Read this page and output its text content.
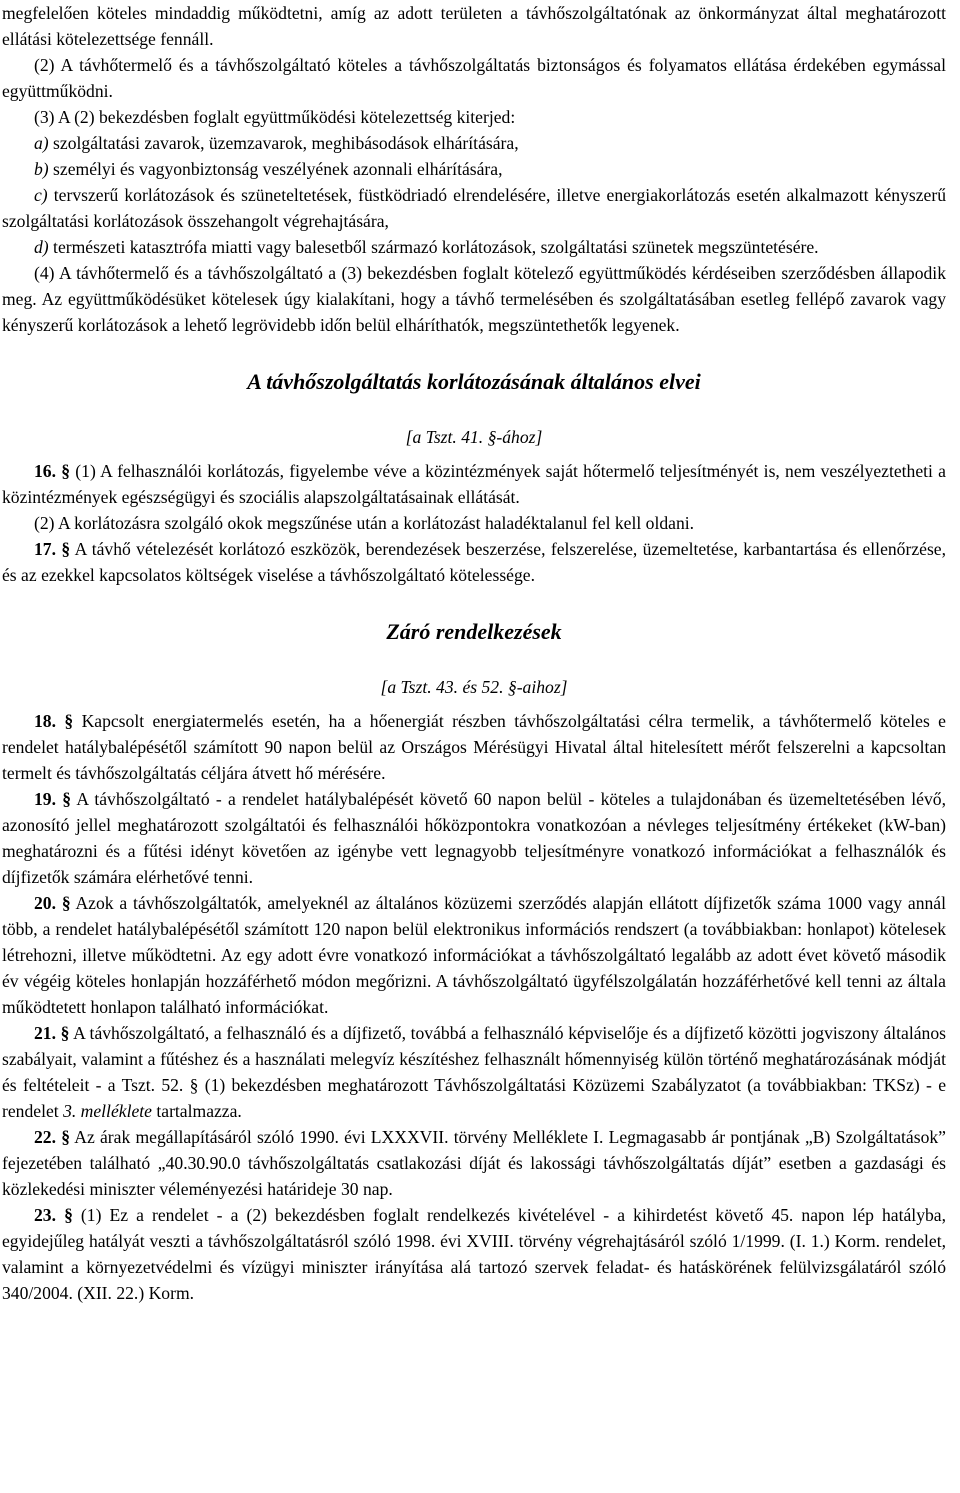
megfelelően köteles mindaddig működtetni, amíg az adott területen a távhőszolgáltatónak az önkormányzat által meghatározott ellátási kötelezettsége fennáll.

(2) A távhőtermelő és a távhőszolgáltató köteles a távhőszolgáltatás biztonságos és folyamatos ellátása érdekében egymással együttműködni.

(3) A (2) bekezdésben foglalt együttműködési kötelezettség kiterjed:

a) szolgáltatási zavarok, üzemzavarok, meghibásodások elhárítására,

b) személyi és vagyonbiztonság veszélyének azonnali elhárítására,

c) tervszerű korlátozások és szüneteltetések, füstködriadó elrendelésére, illetve energiakorlátozás esetén alkalmazott kényszerű szolgáltatási korlátozások összehangolt végrehajtására,

d) természeti katasztrófa miatti vagy balesetből származó korlátozások, szolgáltatási szünetek megszüntetésére.

(4) A távhőtermelő és a távhőszolgáltató a (3) bekezdésben foglalt kötelező együttműködés kérdéseiben szerződésben állapodik meg. Az együttműködésüket kötelesek úgy kialakítani, hogy a távhő termelésében és szolgáltatásában esetleg fellépő zavarok vagy kényszerű korlátozások a lehető legrövidebb időn belül elháríthatók, megszüntethetők legyenek.

A távhőszolgáltatás korlátozásának általános elvei

[a Tszt. 41. §-ához]

16. § (1) A felhasználói korlátozás, figyelembe véve a közintézmények saját hőtermelő teljesítményét is, nem veszélyeztetheti a közintézmények egészségügyi és szociális alapszolgáltatásainak ellátását.

(2) A korlátozásra szolgáló okok megszűnése után a korlátozást haladéktalanul fel kell oldani.

17. § A távhő vételezését korlátozó eszközök, berendezések beszerzése, felszerelése, üzemeltetése, karbantartása és ellenőrzése, és az ezekkel kapcsolatos költségek viselése a távhőszolgáltató kötelessége.

Záró rendelkezések

[a Tszt. 43. és 52. §-aihoz]

18. § Kapcsolt energiatermelés esetén, ha a hőenergiát részben távhőszolgáltatási célra termelik, a távhőtermelő köteles e rendelet hatálybalépésétől számított 90 napon belül az Országos Mérésügyi Hivatal által hitelesített mérőt felszerelni a kapcsoltan termelt és távhőszolgáltatás céljára átvett hő mérésére.

19. § A távhőszolgáltató - a rendelet hatálybalépését követő 60 napon belül - köteles a tulajdonában és üzemeltetésében lévő, azonosító jellel meghatározott szolgáltatói és felhasználói hőközpontokra vonatkozóan a névleges teljesítmény értékeket (kW-ban) meghatározni és a fűtési idényt követően az igénybe vett legnagyobb teljesítményre vonatkozó információkat a felhasználók és díjfizetők számára elérhetővé tenni.

20. § Azok a távhőszolgáltatók, amelyeknél az általános közüzemi szerződés alapján ellátott díjfizetők száma 1000 vagy annál több, a rendelet hatálybalépésétől számított 120 napon belül elektronikus információs rendszert (a továbbiakban: honlapot) kötelesek létrehozni, illetve működtetni. Az egy adott évre vonatkozó információkat a távhőszolgáltató legalább az adott évet követő második év végéig köteles honlapján hozzáférhető módon megőrizni. A távhőszolgáltató ügyfélszolgálatán hozzáférhetővé kell tenni az általa működtetett honlapon található információkat.

21. § A távhőszolgáltató, a felhasználó és a díjfizető, továbbá a felhasználó képviselője és a díjfizető közötti jogviszony általános szabályait, valamint a fűtéshez és a használati melegvíz készítéshez felhasznált hőmennyiség külön történő meghatározásának módját és feltételeit - a Tszt. 52. § (1) bekezdésben meghatározott Távhőszolgáltatási Közüzemi Szabályzatot (a továbbiakban: TKSz) - e rendelet 3. melléklete tartalmazza.

22. § Az árak megállapításáról szóló 1990. évi LXXXVII. törvény Melléklete I. Legmagasabb ár pontjának „B) Szolgáltatások” fejezetében található „40.30.90.0 távhőszolgáltatás csatlakozási díját és lakossági távhőszolgáltatás díját” esetben a gazdasági és közlekedési miniszter véleményezési határideje 30 nap.

23. § (1) Ez a rendelet - a (2) bekezdésben foglalt rendelkezés kivételével - a kihirdetést követő 45. napon lép hatályba, egyidejűleg hatályát veszti a távhőszolgáltatásról szóló 1998. évi XVIII. törvény végrehajtásáról szóló 1/1999. (I. 1.) Korm. rendelet, valamint a környezetvédelmi és vízügyi miniszter irányítása alá tartozó szervek feladat- és hatáskörének felülvizsgálatáról szóló 340/2004. (XII. 22.) Korm.
